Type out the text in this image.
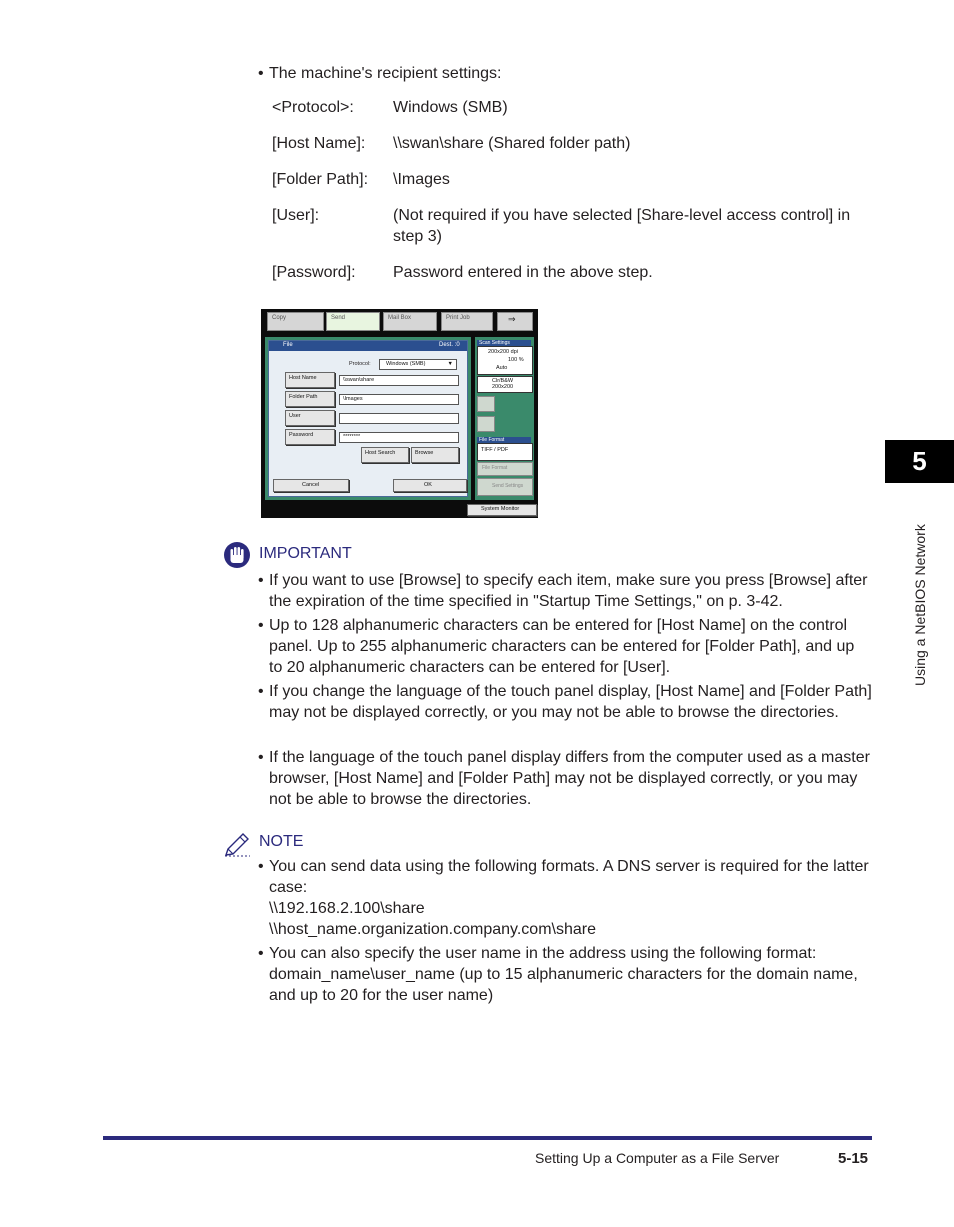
• The machine's recipient settings:
<Protocol>: Windows (SMB)
[Host Name]: \\swan\share (Shared folder path)
[Folder Path]: \Images
[User]:	(Not required if you have selected [Share-level access control] in step 3)
[Password]: Password entered in the above step.
Copy	Send	Mail Box	Print Job	⇒
File	Dest. :0
Protocol:	Windows (SMB)	▼
Host Name	\\swan\share
Folder Path	\Images
User
Password	********
Host Search	Browse
Cancel	OK
Scan Settings
200x200 dpi
100 %
Auto
Clr/B&W
200x200
File Format
TIFF / PDF
File Format
Send Settings
System Monitor
IMPORTANT
• If you want to use [Browse] to specify each item, make sure you press [Browse] after the expiration of the time specified in "Startup Time Settings," on p. 3-42.
• Up to 128 alphanumeric characters can be entered for [Host Name] on the control panel. Up to 255 alphanumeric characters can be entered for [Folder Path], and up to 20 alphanumeric characters can be entered for [User].
• If you change the language of the touch panel display, [Host Name] and [Folder Path] may not be displayed correctly, or you may not be able to browse the directories.
• If the language of the touch panel display differs from the computer used as a master browser, [Host Name] and [Folder Path] may not be displayed correctly, or you may not be able to browse the directories.
NOTE
• You can send data using the following formats. A DNS server is required for the latter case:
\\192.168.2.100\share
\\host_name.organization.company.com\share
• You can also specify the user name in the address using the following format: domain_name\user_name (up to 15 alphanumeric characters for the domain name, and up to 20 for the user name)
5
Using a NetBIOS Network
Setting Up a Computer as a File Server	5-15
